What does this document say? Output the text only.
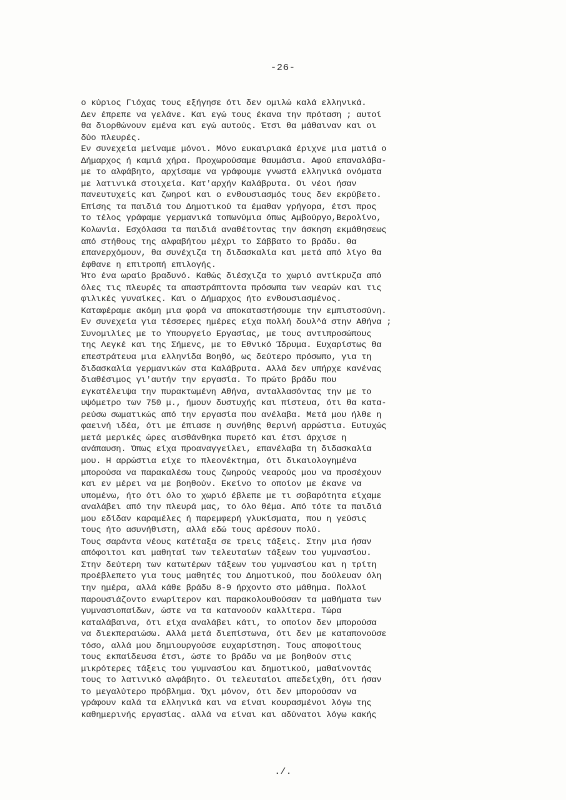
-26-
ο κύριος Γιόχας τους εξήγησε ότι δεν ομιλώ καλά ελληνικά.
Δεν έπρεπε να γελάνε. Και εγώ τους έκανα την πρόταση ; αυτοί
θα διορθώνουν εμένα και εγώ αυτούς. Έτσι θα μάθαιναν και οι
δύο πλευρές.
Εν συνεχεία μείναμε μόνοι. Μόνο ευκαιριακά έριχνε μια ματιά ο
Δήμαρχος ή καμιά χήρα. Προχωρούσαμε θαυμάσια. Αφού επαναλάβα-
με το αλφάβητο, αρχίσαμε να γράφουμε γνωστά ελληνικά ονόματα
με λατινικά στοιχεία. Κατ'αρχήν Καλάβρυτα. Οι νέοι ήσαν
πανευτυχείς και ζωηροί και ο ενθουσιασμός τους δεν εκρύβετο.
Επίσης τα παιδιά του Δημοτικού τα έμαθαν γρήγορα, έτσι προς
το τέλος γράφαμε γερμανικά τοπωνύμια όπως Αμβούργο,Βερολίνο,
Κολωνία. Εσχόλασα τα παιδιά αναθέτοντας την άσκηση εκμάθησεως
από στήθους της αλφαβήτου μέχρι το Σάββατο το βράδυ. Θα
επανερχόμουν, θα συνέχιζα τη διδασκαλία και μετά από λίγο θα
έφθανε η επιτροπή επιλογής.
Ήτο ένα ωραίο βραδυνό. Καθώς διέσχιζα το χωριό αντίκρυζα από
όλες τις πλευρές τα απαστράπτοντα πρόσωπα των νεαρών και τις
φιλικές γυναίκες. Και ο Δήμαρχος ήτο ενθουσιασμένος.
Καταφέραμε ακόμη μια φορά να αποκαταστήσουμε την εμπιστοσύνη.
Εν συνεχεία για τέσσερες ημέρες είχα πολλή δουλ^ά στην Αθήνα ;
Συνομιλίες με το Υπουργείο Εργασίας, με τους αντιπροσώπους
της Λεγκέ και της Σήμενς, με το Εθνικό Ίδρυμα. Ευχαρίστως θα
επεστράτευα μια ελληνίδα Βοηθό, ως δεύτερο πρόσωπο, για τη
διδασκαλία γερμανικών στα Καλάβρυτα. Αλλά δεν υπήρχε κανένας
διαθέσιμος γι'αυτήν την εργασία. Το πρώτο βράδυ που
εγκατέλειψα την πυρακτωμένη Αθήνα, ανταλλασόντας την με το
υψόμετρο των 750 μ., ήμουν δυστυχής και πίστευα, ότι θα κατα-
ρεύσω σωματικώς από την εργασία που ανέλαβα. Μετά μου ήλθε η
φαεινή ιδέα, ότι με έπιασε η συνήθης θερινή αρρώστια. Ευτυχώς
μετά μερικές ώρες αισθάνθηκα πυρετό και έτσι άρχισε η
ανάπαυση. Όπως είχα προαναγγείλει, επανέλαβα τη διδασκαλία
μου. Η αρρώστια είχε το πλεονέκτημα, ότι δικαιολογημένα
μπορούσα να παρακαλέσω τους ζωηρούς νεαρούς μου να προσέχουν
και εν μέρει να με βοηθούν. Εκείνο το οποίον με έκανε να
υπομένω, ήτο ότι όλο το χωριό έβλεπε με τι σοβαρότητα είχαμε
αναλάβει από την πλευρά μας, το όλο θέμα. Από τότε τα παιδιά
μου εδίδαν καραμέλες ή παρεμφερή γλυκίσματα, που η γεύσις
τους ήτο ασυνήθιστη, αλλά εδώ τους αρέσουν πολύ.
Τους σαράντα νέους κατέταξα σε τρεις τάξεις. Στην μια ήσαν
απόφοιτοι και μαθηταί των τελευταίων τάξεων του γυμνασίου.
Στην δεύτερη των κατωτέρων τάξεων του γυμνασίου και η τρίτη
προέβλεπετο για τους μαθητές του Δημοτικού, που δούλευαν όλη
την ημέρα, αλλά κάθε βράδυ 8-9 ήρχοντο στο μάθημα. Πολλοί
παρουσιάζοντο ενωρίτερον και παρακολουθούσαν τα μαθήματα των
γυμνασιοπαίδων, ώστε να τα κατανοούν καλλίτερα. Τώρα
καταλάβαινα, ότι είχα αναλάβει κάτι, το οποίον δεν μπορούσα
να διεκπεραιώσω. Αλλά μετά διεπίστωνα, ότι δεν με καταπονούσε
τόσο, αλλά μου δημιουργούσε ευχαρίστηση. Τους αποφοίτους
τους εκπαίδευσα έτσι, ώστε το βράδυ να με βοηθούν στις
μικρότερες τάξεις του γυμνασίου και δημοτικού, μαθαίνοντάς
τους το λατινικό αλφάβητο. Οι τελευταίοι απεδείχθη, ότι ήσαν
το μεγαλύτερο πρόβλημα. Όχι μόνον, ότι δεν μπορούσαν να
γράφουν καλά τα ελληνικά και να είναι κουρασμένοι λόγω της
καθημερινής εργασίας. αλλά να είναι και αδύνατοι λόγω κακής
./.
